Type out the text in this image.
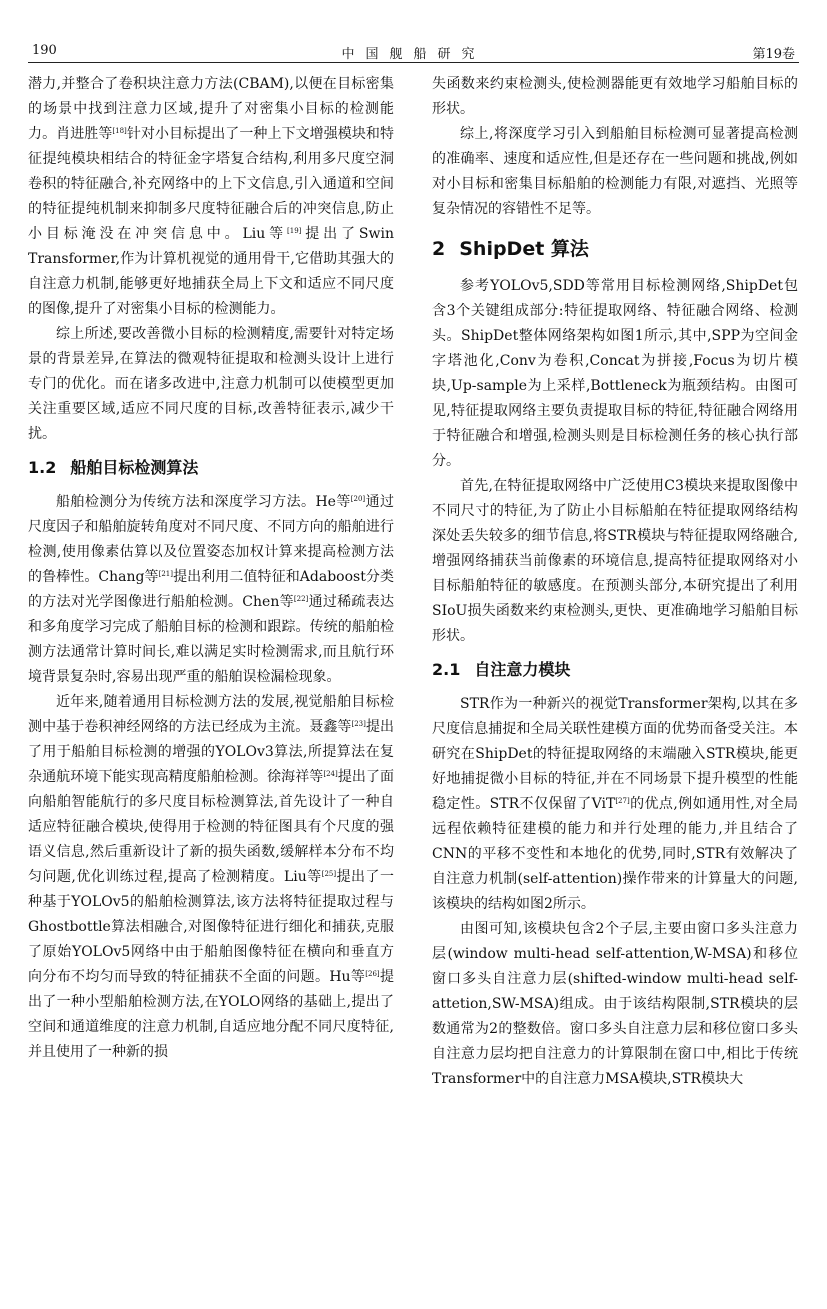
190	中国舰船研究	第19卷

潜力,并整合了卷积块注意力方法(CBAM),以便在目标密集的场景中找到注意力区域,提升了对密集小目标的检测能力。肖进胜等[18]针对小目标提出了一种上下文增强模块和特征提纯模块相结合的特征金字塔复合结构,利用多尺度空洞卷积的特征融合,补充网络中的上下文信息,引入通道和空间的特征提纯机制来抑制多尺度特征融合后的冲突信息,防止小目标淹没在冲突信息中。Liu等[19]提出了Swin Transformer,作为计算机视觉的通用骨干,它借助其强大的自注意力机制,能够更好地捕获全局上下文和适应不同尺度的图像,提升了对密集小目标的检测能力。

综上所述,要改善微小目标的检测精度,需要针对特定场景的背景差异,在算法的微观特征提取和检测头设计上进行专门的优化。而在诸多改进中,注意力机制可以使模型更加关注重要区域,适应不同尺度的目标,改善特征表示,减少干扰。

1.2 船舶目标检测算法

船舶检测分为传统方法和深度学习方法。He等[20]通过尺度因子和船舶旋转角度对不同尺度、不同方向的船舶进行检测,使用像素估算以及位置姿态加权计算来提高检测方法的鲁棒性。Chang等[21]提出利用二值特征和Adaboost分类的方法对光学图像进行船舶检测。Chen等[22]通过稀疏表达和多角度学习完成了船舶目标的检测和跟踪。传统的船舶检测方法通常计算时间长,难以满足实时检测需求,而且航行环境背景复杂时,容易出现严重的船舶误检漏检现象。

近年来,随着通用目标检测方法的发展,视觉船舶目标检测中基于卷积神经网络的方法已经成为主流。聂鑫等[23]提出了用于船舶目标检测的增强的YOLOv3算法,所提算法在复杂通航环境下能实现高精度船舶检测。徐海祥等[24]提出了面向船舶智能航行的多尺度目标检测算法,首先设计了一种自适应特征融合模块,使得用于检测的特征图具有个尺度的强语义信息,然后重新设计了新的损失函数,缓解样本分布不均匀问题,优化训练过程,提高了检测精度。Liu等[25]提出了一种基于YOLOv5的船舶检测算法,该方法将特征提取过程与Ghostbottle算法相融合,对图像特征进行细化和捕获,克服了原始YOLOv5网络中由于船舶图像特征在横向和垂直方向分布不均匀而导致的特征捕获不全面的问题。Hu等[26]提出了一种小型船舶检测方法,在YOLO网络的基础上,提出了空间和通道维度的注意力机制,自适应地分配不同尺度特征,并且使用了一种新的损

失函数来约束检测头,使检测器能更有效地学习船舶目标的形状。

综上,将深度学习引入到船舶目标检测可显著提高检测的准确率、速度和适应性,但是还存在一些问题和挑战,例如对小目标和密集目标船舶的检测能力有限,对遮挡、光照等复杂情况的容错性不足等。

2 ShipDet 算法

参考YOLOv5,SDD等常用目标检测网络,ShipDet包含3个关键组成部分:特征提取网络、特征融合网络、检测头。ShipDet整体网络架构如图1所示,其中,SPP为空间金字塔池化,Conv为卷积,Concat为拼接,Focus为切片模块,Up-sample为上采样,Bottleneck为瓶颈结构。由图可见,特征提取网络主要负责提取目标的特征,特征融合网络用于特征融合和增强,检测头则是目标检测任务的核心执行部分。

首先,在特征提取网络中广泛使用C3模块来提取图像中不同尺寸的特征,为了防止小目标船舶在特征提取网络结构深处丢失较多的细节信息,将STR模块与特征提取网络融合,增强网络捕获当前像素的环境信息,提高特征提取网络对小目标船舶特征的敏感度。在预测头部分,本研究提出了利用SIoU损失函数来约束检测头,更快、更准确地学习船舶目标形状。

2.1 自注意力模块

STR作为一种新兴的视觉Transformer架构,以其在多尺度信息捕捉和全局关联性建模方面的优势而备受关注。本研究在ShipDet的特征提取网络的末端融入STR模块,能更好地捕捉微小目标的特征,并在不同场景下提升模型的性能稳定性。STR不仅保留了ViT[27]的优点,例如通用性,对全局远程依赖特征建模的能力和并行处理的能力,并且结合了CNN的平移不变性和本地化的优势,同时,STR有效解决了自注意力机制(self-attention)操作带来的计算量大的问题,该模块的结构如图2所示。

由图可知,该模块包含2个子层,主要由窗口多头注意力层(window multi-head self-attention,W-MSA)和移位窗口多头自注意力层(shifted-window multi-head self-attetion,SW-MSA)组成。由于该结构限制,STR模块的层数通常为2的整数倍。窗口多头自注意力层和移位窗口多头自注意力层均把自注意力的计算限制在窗口中,相比于传统Transformer中的自注意力MSA模块,STR模块大
